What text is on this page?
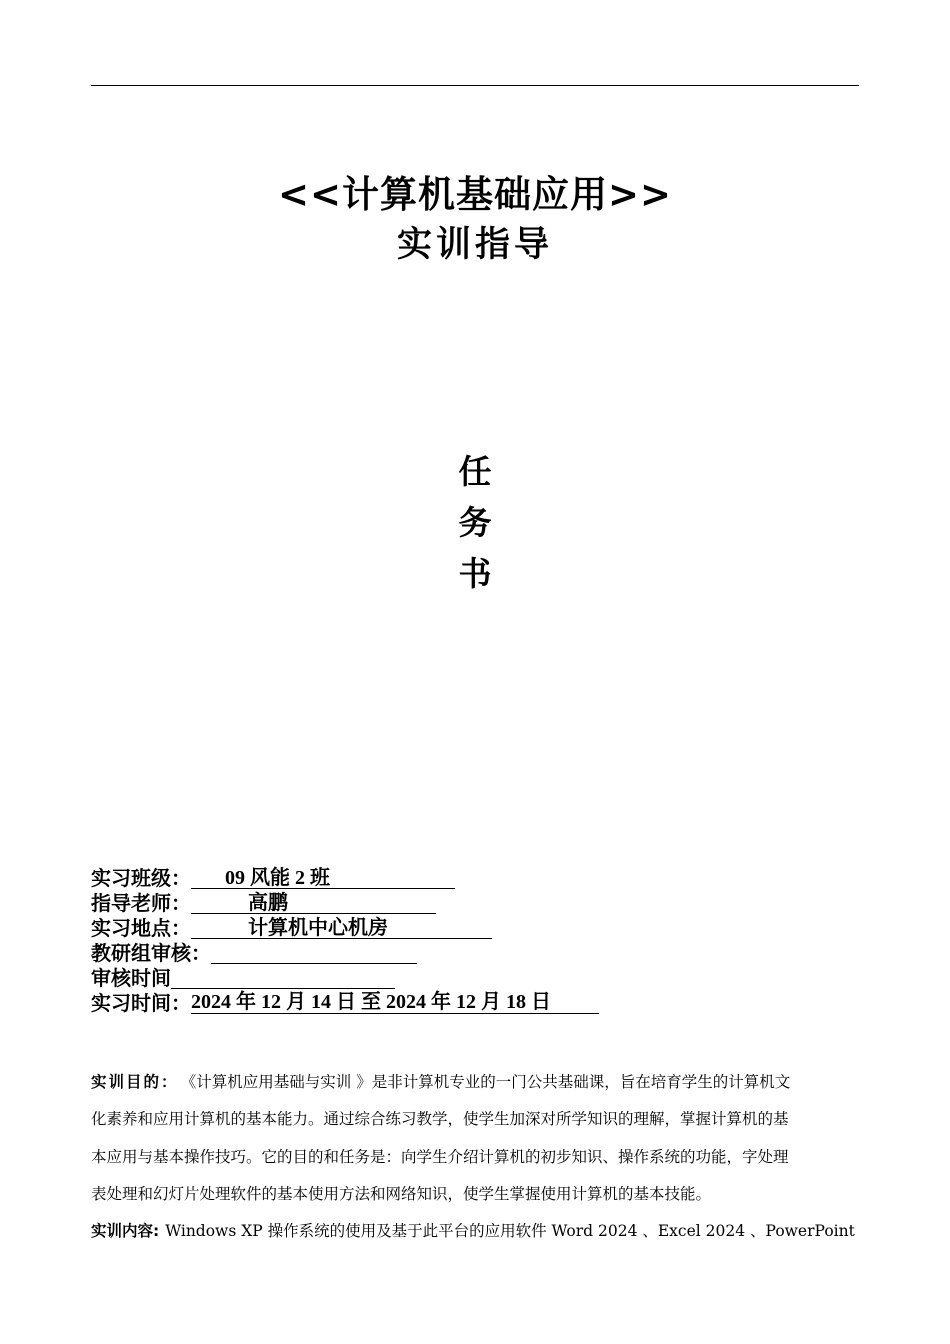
<<计算机基础应用>>
实训指导
任
务
书
实习班级： 09 风能 2 班
指导老师：	高鹏
实习地点：	计算机中心机房
教研组审核：
审核时间
实习时间：2024 年 12 月 14 日 至 2024 年 12 月 18 日
实训目的： 《计算机应用基础与实训 》是非计算机专业的一门公共基础课，旨在培育学生的计算机文
化素养和应用计算机的基本能力。通过综合练习教学，使学生加深对所学知识的理解，掌握计算机的基
本应用与基本操作技巧。它的目的和任务是：向学生介绍计算机的初步知识、操作系统的功能，字处理
表处理和幻灯片处理软件的基本使用方法和网络知识，使学生掌握使用计算机的基本技能。
实训内容: Windows XP 操作系统的使用及基于此平台的应用软件 Word 2024 、Excel 2024 、PowerPoint
